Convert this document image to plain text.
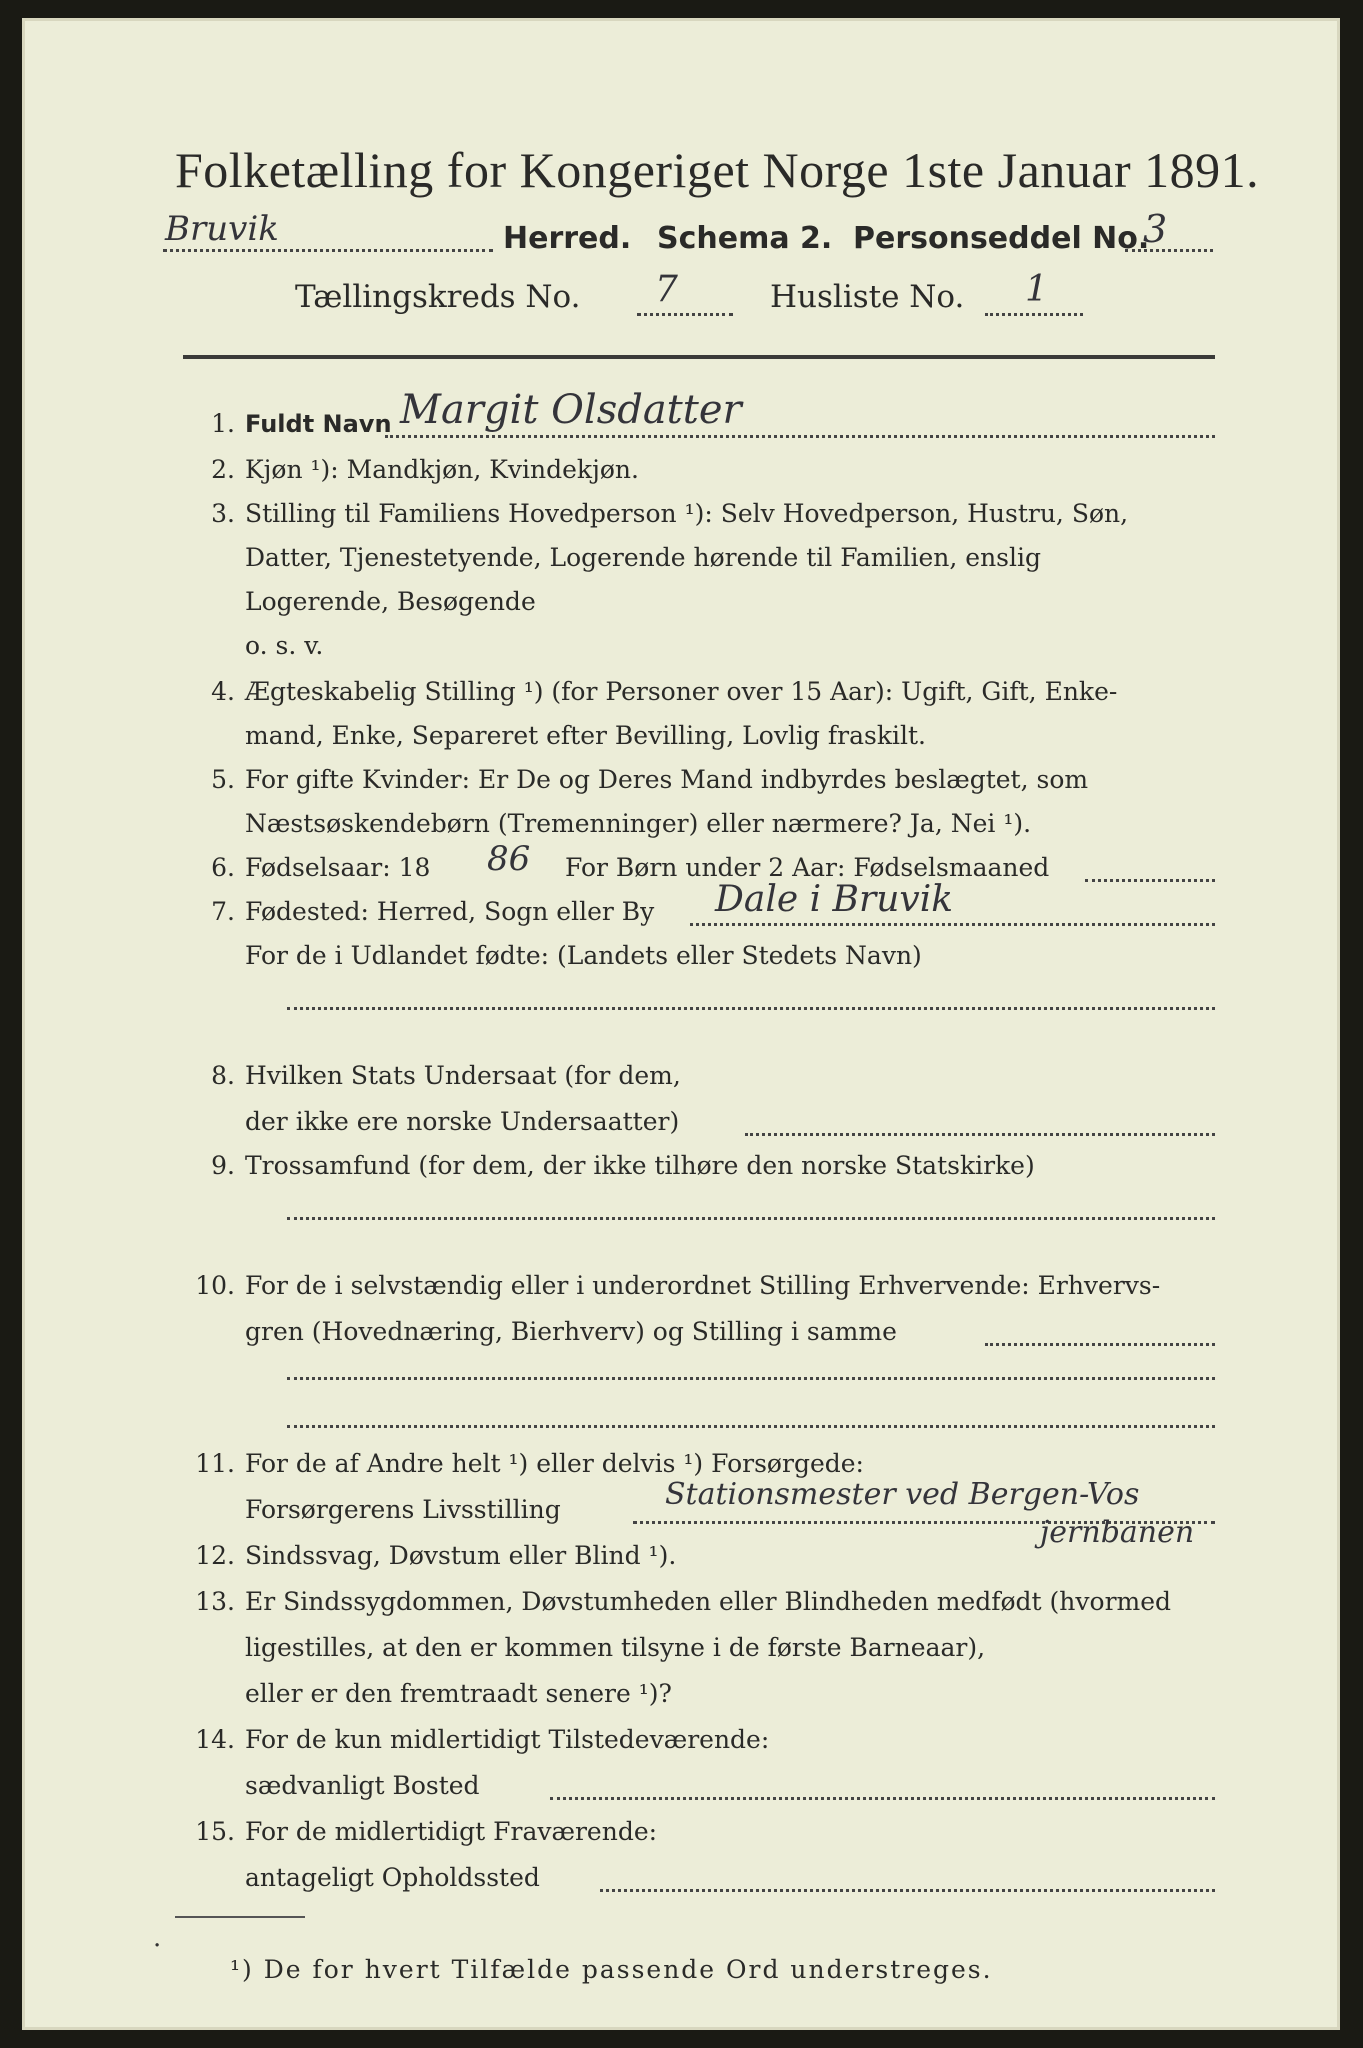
Folketælling for Kongeriget Norge 1ste Januar 1891.
Bruvik	Herred. Schema 2. Personseddel No.
3
Tællingskreds No. 7	Husliste No. 1
1. Fuldt Navn Margit Olsdatter
2. Kjøn ¹): Mandkjøn, Kvindekjøn.
3. Stilling til Familiens Hovedperson ¹): Selv Hovedperson, Hustru, Søn,
Datter, Tjenestetyende, Logerende hørende til Familien, enslig
Logerende, Besøgende
o. s. v.
4. Ægteskabelig Stilling ¹) (for Personer over 15 Aar): Ugift, Gift, Enke-
mand, Enke, Separeret efter Bevilling, Lovlig fraskilt.
5. For gifte Kvinder: Er De og Deres Mand indbyrdes beslægtet, som
Næstsøskendebørn (Tremenninger) eller nærmere? Ja, Nei ¹).
6. Fødselsaar: 18 86 For Børn under 2 Aar: Fødselsmaaned
7. Fødested: Herred, Sogn eller By Dale i Bruvik
For de i Udlandet fødte: (Landets eller Stedets Navn)
8. Hvilken Stats Undersaat (for dem,
der ikke ere norske Undersaatter)
9. Trossamfund (for dem, der ikke tilhøre den norske Statskirke)
10. For de i selvstændig eller i underordnet Stilling Erhvervende: Erhvervs-
gren (Hovednæring, Bierhverv) og Stilling i samme
11. For de af Andre helt ¹) eller delvis ¹) Forsørgede:
Forsørgerens Livsstilling	Stationsmester ved Bergen-Vos
jernbanen
12. Sindssvag, Døvstum eller Blind ¹).
13. Er Sindssygdommen, Døvstumheden eller Blindheden medfødt (hvormed
ligestilles, at den er kommen tilsyne i de første Barneaar),
eller er den fremtraadt senere ¹)?
14. For de kun midlertidigt Tilstedeværende:
sædvanligt Bosted
15. For de midlertidigt Fraværende:
antageligt Opholdssted
¹) De for hvert Tilfælde passende Ord understreges.
·
